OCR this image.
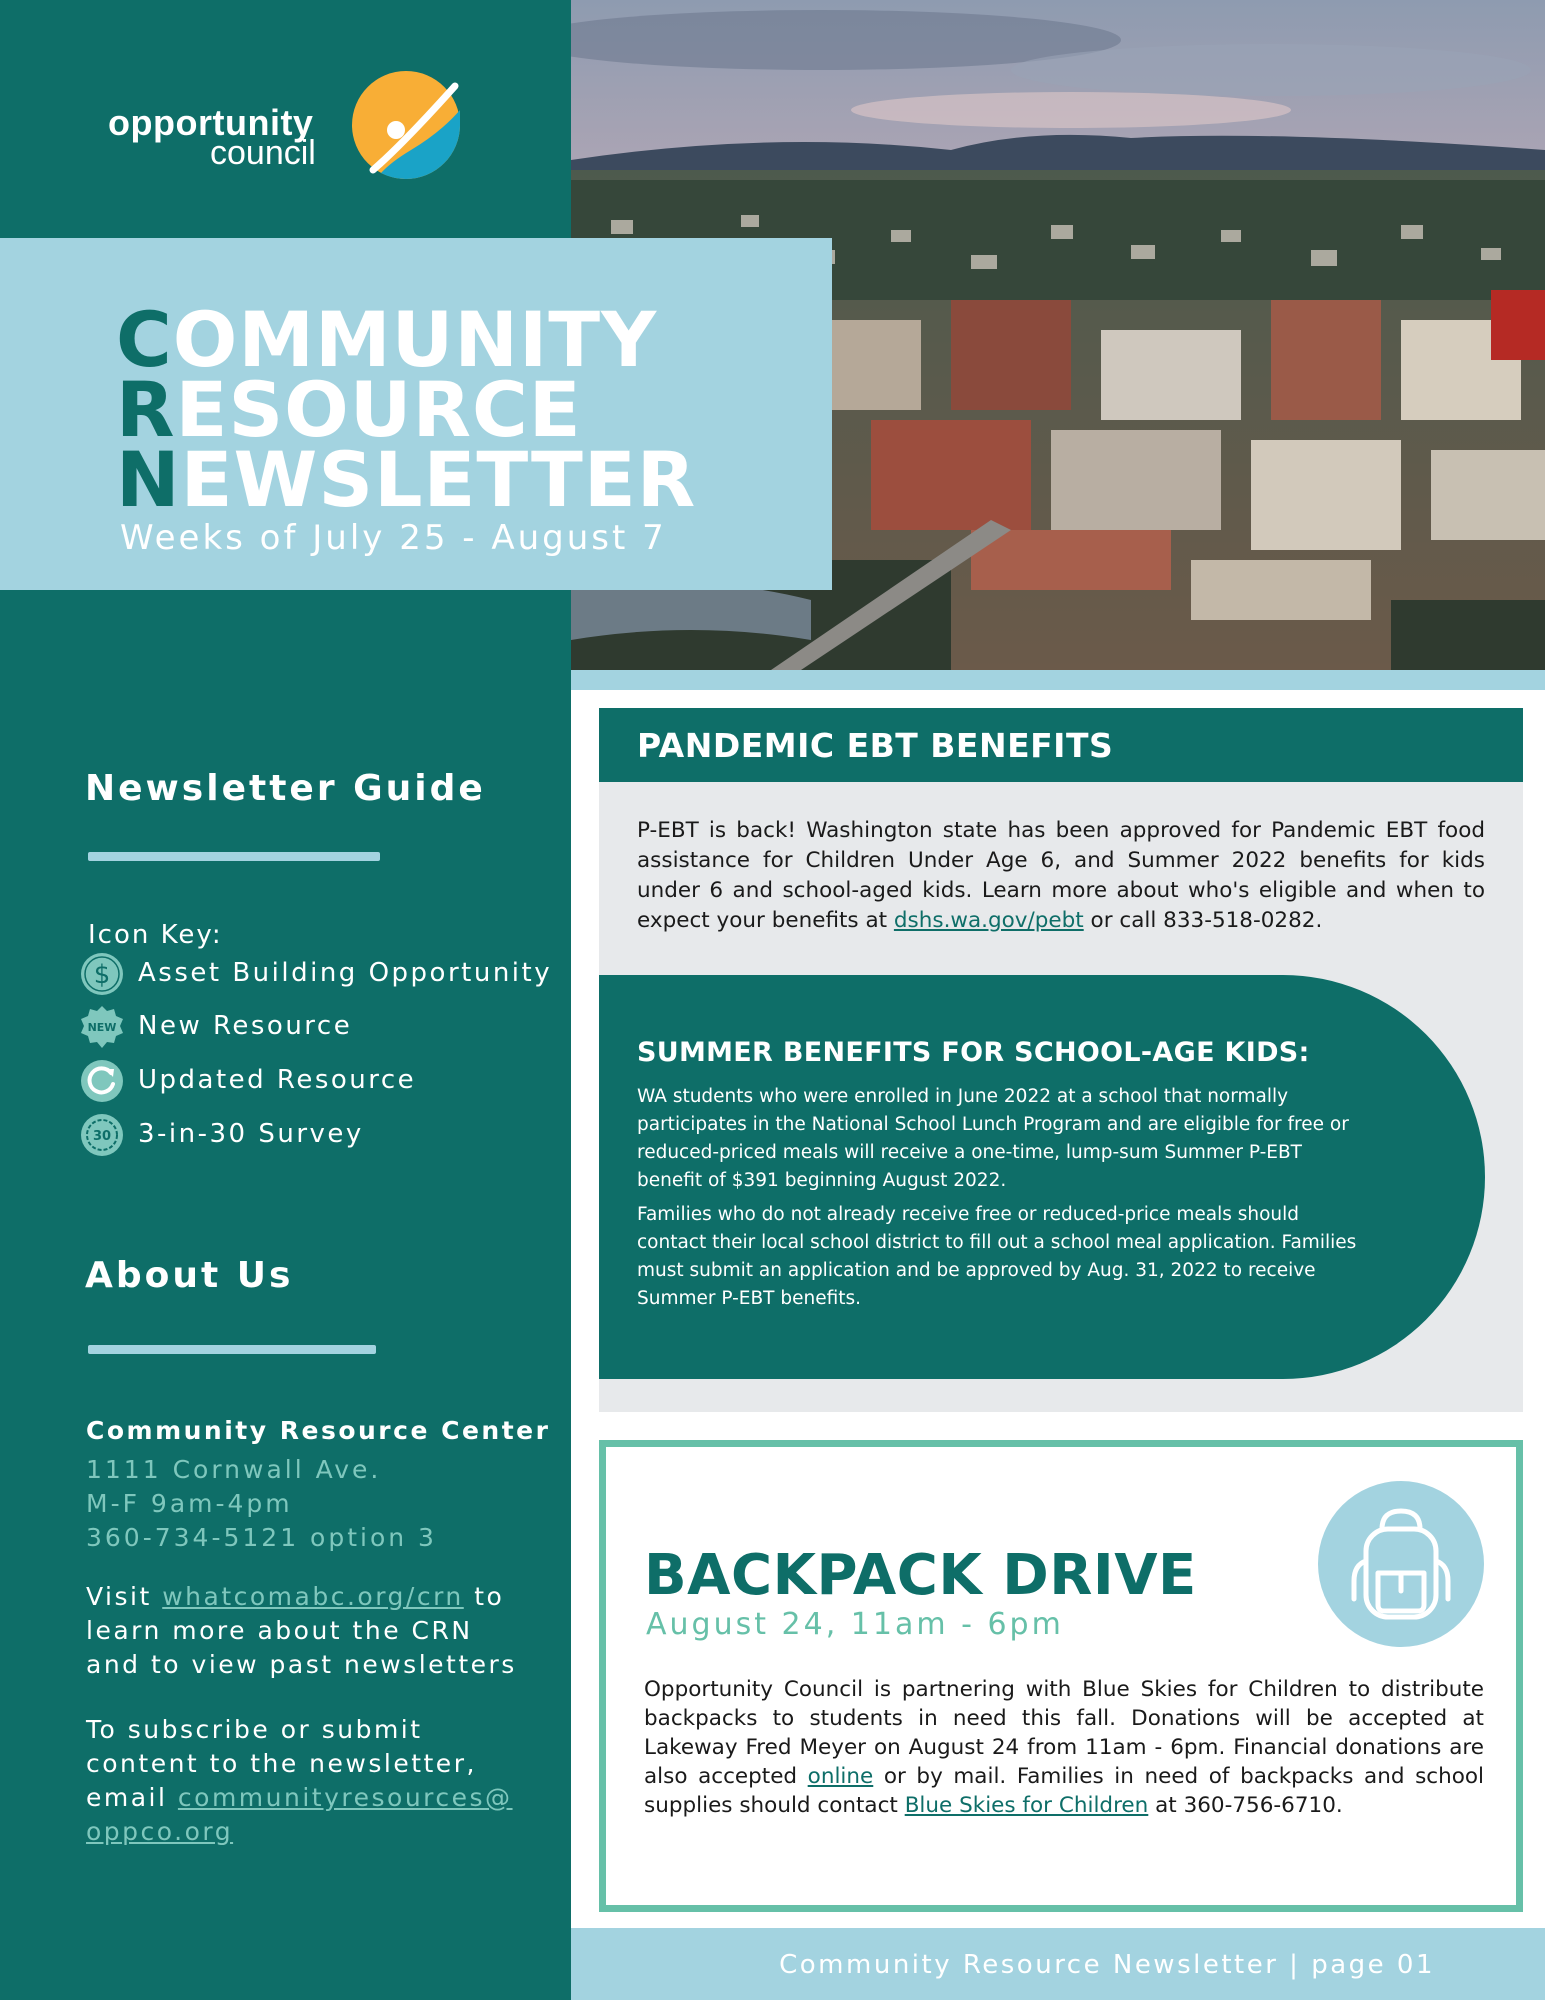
opportunity
council
Newsletter Guide
Icon Key:
$ Asset Building Opportunity
NEW New Resource
Updated Resource
30 3-in-30 Survey
About Us
Community Resource Center
1111 Cornwall Ave.
M-F 9am-4pm
360-734-5121 option 3
Visit whatcomabc.org/crn to learn more about the CRN and to view past newsletters
To subscribe or submit content to the newsletter, email communityresources@ oppco.org
COMMUNITY
RESOURCE
NEWSLETTER
Weeks of July 25 - August 7
PANDEMIC EBT BENEFITS
P-EBT is back! Washington state has been approved for Pandemic EBT food assistance for Children Under Age 6, and Summer 2022 benefits for kids under 6 and school-aged kids. Learn more about who's eligible and when to expect your benefits at dshs.wa.gov/pebt or call 833-518-0282.
SUMMER BENEFITS FOR SCHOOL-AGE KIDS:
WA students who were enrolled in June 2022 at a school that normally participates in the National School Lunch Program and are eligible for free or reduced-priced meals will receive a one-time, lump-sum Summer P-EBT benefit of $391 beginning August 2022.
Families who do not already receive free or reduced-price meals should contact their local school district to fill out a school meal application. Families must submit an application and be approved by Aug. 31, 2022 to receive Summer P-EBT benefits.
BACKPACK DRIVE
August 24, 11am - 6pm
Opportunity Council is partnering with Blue Skies for Children to distribute backpacks to students in need this fall. Donations will be accepted at Lakeway Fred Meyer on August 24 from 11am - 6pm. Financial donations are also accepted online or by mail. Families in need of backpacks and school supplies should contact Blue Skies for Children at 360-756-6710.
Community Resource Newsletter | page 01
